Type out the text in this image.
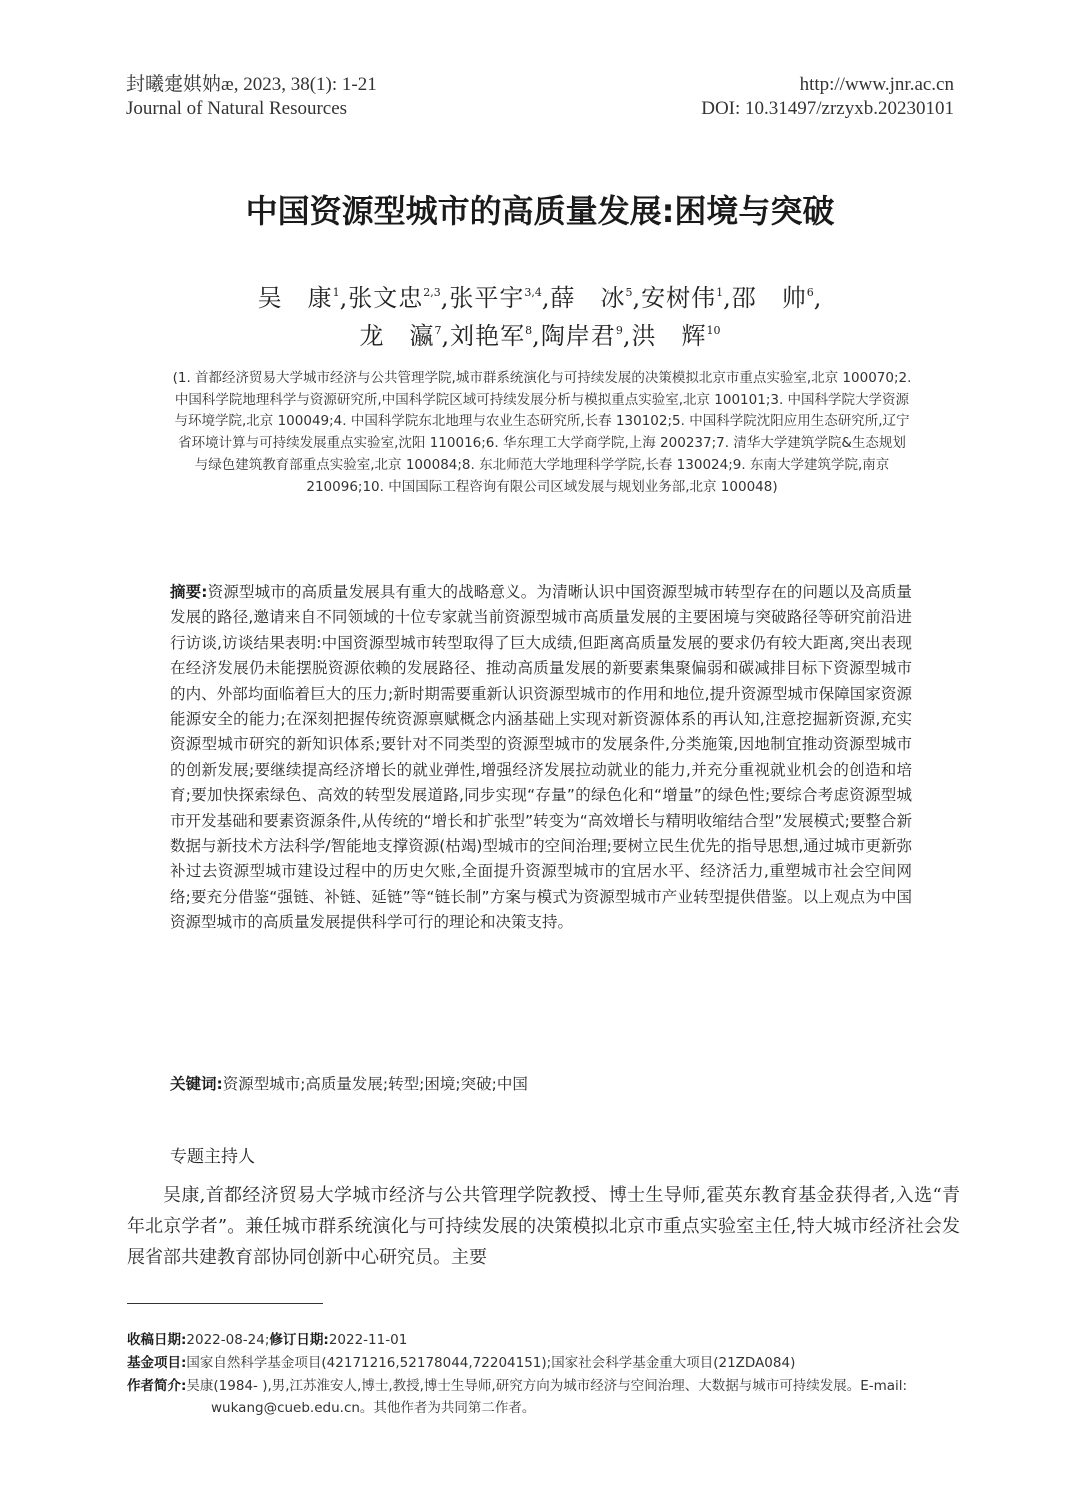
封曦疐娸妠æ, 2023, 38(1): 1-21
Journal of Natural Resources
http://www.jnr.ac.cn
DOI: 10.31497/zrzyxb.20230101
中国资源型城市的高质量发展:困境与突破
吴　康$^1$,张文忠$^{2,3}$,张平宇$^{3,4}$,薛　冰$^5$,安树伟$^1$,邵　帅$^6$,
龙　瀛$^7$,刘艳军$^8$,陶岸君$^9$,洪　辉$^{10}$
(1. 首都经济贸易大学城市经济与公共管理学院,城市群系统演化与可持续发展的决策模拟北京市重点实验室,北京 100070;2. 中国科学院地理科学与资源研究所,中国科学院区域可持续发展分析与模拟重点实验室,北京 100101;3. 中国科学院大学资源与环境学院,北京 100049;4. 中国科学院东北地理与农业生态研究所,长春 130102;5. 中国科学院沈阳应用生态研究所,辽宁省环境计算与可持续发展重点实验室,沈阳 110016;6. 华东理工大学商学院,上海 200237;7. 清华大学建筑学院&生态规划与绿色建筑教育部重点实验室,北京 100084;8. 东北师范大学地理科学学院,长春 130024;9. 东南大学建筑学院,南京 210096;10. 中国国际工程咨询有限公司区域发展与规划业务部,北京 100048)
摘要:资源型城市的高质量发展具有重大的战略意义。为清晰认识中国资源型城市转型存在的问题以及高质量发展的路径,邀请来自不同领域的十位专家就当前资源型城市高质量发展的主要困境与突破路径等研究前沿进行访谈,访谈结果表明:中国资源型城市转型取得了巨大成绩,但距离高质量发展的要求仍有较大距离,突出表现在经济发展仍未能摆脱资源依赖的发展路径、推动高质量发展的新要素集聚偏弱和碳减排目标下资源型城市的内、外部均面临着巨大的压力;新时期需要重新认识资源型城市的作用和地位,提升资源型城市保障国家资源能源安全的能力;在深刻把握传统资源禀赋概念内涵基础上实现对新资源体系的再认知,注意挖掘新资源,充实资源型城市研究的新知识体系;要针对不同类型的资源型城市的发展条件,分类施策,因地制宜推动资源型城市的创新发展;要继续提高经济增长的就业弹性,增强经济发展拉动就业的能力,并充分重视就业机会的创造和培育;要加快探索绿色、高效的转型发展道路,同步实现“存量”的绿色化和“增量”的绿色性;要综合考虑资源型城市开发基础和要素资源条件,从传统的“增长和扩张型”转变为“高效增长与精明收缩结合型”发展模式;要整合新数据与新技术方法科学/智能地支撑资源(枯竭)型城市的空间治理;要树立民生优先的指导思想,通过城市更新弥补过去资源型城市建设过程中的历史欠账,全面提升资源型城市的宜居水平、经济活力,重塑城市社会空间网络;要充分借鉴“强链、补链、延链”等“链长制”方案与模式为资源型城市产业转型提供借鉴。以上观点为中国资源型城市的高质量发展提供科学可行的理论和决策支持。
关键词:资源型城市;高质量发展;转型;困境;突破;中国
专题主持人
吴康,首都经济贸易大学城市经济与公共管理学院教授、博士生导师,霍英东教育基金获得者,入选“青年北京学者”。兼任城市群系统演化与可持续发展的决策模拟北京市重点实验室主任,特大城市经济社会发展省部共建教育部协同创新中心研究员。主要
收稿日期:2022-08-24;修订日期:2022-11-01
基金项目:国家自然科学基金项目(42171216,52178044,72204151);国家社会科学基金重大项目(21ZDA084)
作者简介:吴康(1984- ),男,江苏淮安人,博士,教授,博士生导师,研究方向为城市经济与空间治理、大数据与城市可持续发展。E-mail: wukang@cueb.edu.cn。其他作者为共同第二作者。
